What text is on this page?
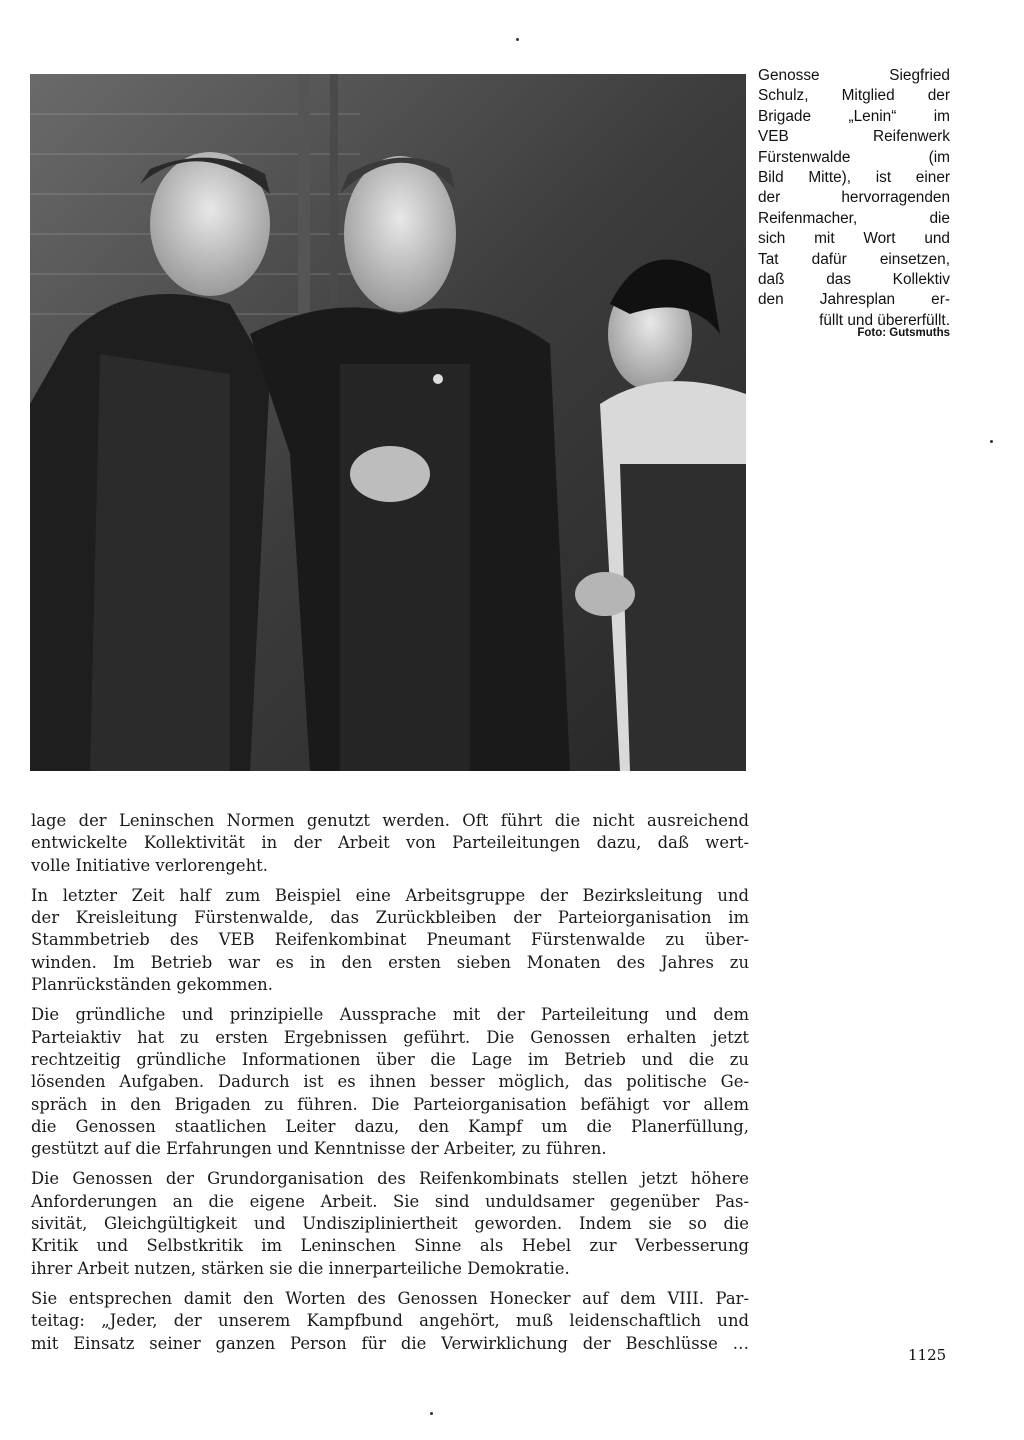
Genosse Siegfried
Schulz, Mitglied der
Brigade „Lenin“ im
VEB Reifenwerk
Fürstenwalde (im
Bild Mitte), ist einer
der hervorragenden
Reifenmacher, die
sich mit Wort und
Tat dafür einsetzen,
daß das Kollektiv
den Jahresplan er-
füllt und übererfüllt.
Foto: Gutsmuths
lage der Leninschen Normen genutzt werden. Oft führt die nicht ausreichend
entwickelte Kollektivität in der Arbeit von Parteileitungen dazu, daß wert-
volle Initiative verlorengeht.
In letzter Zeit half zum Beispiel eine Arbeitsgruppe der Bezirksleitung und
der Kreisleitung Fürstenwalde, das Zurückbleiben der Parteiorganisation im
Stammbetrieb des VEB Reifenkombinat Pneumant Fürstenwalde zu über-
winden. Im Betrieb war es in den ersten sieben Monaten des Jahres zu
Planrückständen gekommen.
Die gründliche und prinzipielle Aussprache mit der Parteileitung und dem
Parteiaktiv hat zu ersten Ergebnissen geführt. Die Genossen erhalten jetzt
rechtzeitig gründliche Informationen über die Lage im Betrieb und die zu
lösenden Aufgaben. Dadurch ist es ihnen besser möglich, das politische Ge-
spräch in den Brigaden zu führen. Die Parteiorganisation befähigt vor allem
die Genossen staatlichen Leiter dazu, den Kampf um die Planerfüllung,
gestützt auf die Erfahrungen und Kenntnisse der Arbeiter, zu führen.
Die Genossen der Grundorganisation des Reifenkombinats stellen jetzt höhere
Anforderungen an die eigene Arbeit. Sie sind unduldsamer gegenüber Pas-
sivität, Gleichgültigkeit und Undiszipliniertheit geworden. Indem sie so die
Kritik und Selbstkritik im Leninschen Sinne als Hebel zur Verbesserung
ihrer Arbeit nutzen, stärken sie die innerparteiliche Demokratie.
Sie entsprechen damit den Worten des Genossen Honecker auf dem VIII. Par-
teitag: „Jeder, der unserem Kampfbund angehört, muß leidenschaftlich und
mit Einsatz seiner ganzen Person für die Verwirklichung der Beschlüsse …
1125
